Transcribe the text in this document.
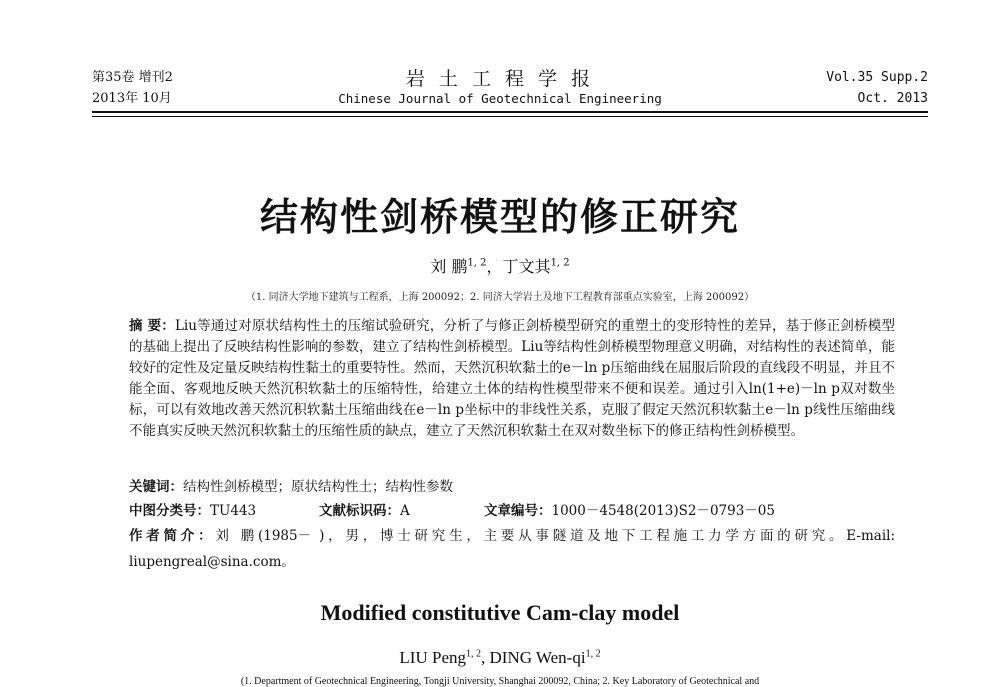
第35卷 增刊2
2013年 10月
岩 土 工 程 学 报
Chinese Journal of Geotechnical Engineering
Vol.35 Supp.2
Oct. 2013
结构性剑桥模型的修正研究
刘 鹏$^{1, 2}$，丁文其$^{1, 2}$
（1. 同济大学地下建筑与工程系，上海 200092；2. 同济大学岩土及地下工程教育部重点实验室，上海 200092）
摘 要：Liu等通过对原状结构性土的压缩试验研究，分析了与修正剑桥模型研究的重塑土的变形特性的差异，基于修正剑桥模型的基础上提出了反映结构性影响的参数，建立了结构性剑桥模型。Liu等结构性剑桥模型物理意义明确，对结构性的表述简单，能较好的定性及定量反映结构性黏土的重要特性。然而，天然沉积软黏土的e－ln p压缩曲线在屈服后阶段的直线段不明显，并且不能全面、客观地反映天然沉积软黏土的压缩特性，给建立土体的结构性模型带来不便和误差。通过引入ln(1+e)－ln p双对数坐标，可以有效地改善天然沉积软黏土压缩曲线在e－ln p坐标中的非线性关系，克服了假定天然沉积软黏土e－ln p线性压缩曲线不能真实反映天然沉积软黏土的压缩性质的缺点，建立了天然沉积软黏土在双对数坐标下的修正结构性剑桥模型。
关键词：结构性剑桥模型；原状结构性土；结构性参数
中图分类号：TU443	文献标识码：A	文章编号：1000－4548(2013)S2－0793－05
作者简介：刘 鹏(1985－ )，男，博士研究生，主要从事隧道及地下工程施工力学方面的研究。E-mail: liupengreal@sina.com。
Modified constitutive Cam-clay model
LIU Peng$^{1, 2}$, DING Wen-qi$^{1, 2}$
(1. Department of Geotechnical Engineering, Tongji University, Shanghai 200092, China; 2. Key Laboratory of Geotechnical and
